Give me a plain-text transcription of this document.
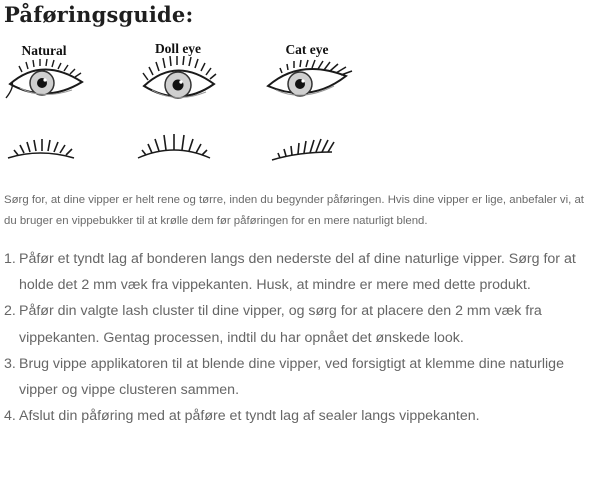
Påføringsguide:
Natural	Doll eye	Cat eye
Sørg for, at dine vipper er helt rene og tørre, inden du begynder påføringen. Hvis dine vipper er lige, anbefaler vi, at du bruger en vippebukker til at krølle dem før påføringen for en mere naturligt blend.
1. Påfør et tyndt lag af bonderen langs den nederste del af dine naturlige vipper. Sørg for at holde det 2 mm væk fra vippekanten. Husk, at mindre er mere med dette produkt.
2. Påfør din valgte lash cluster til dine vipper, og sørg for at placere den 2 mm væk fra vippekanten. Gentag processen, indtil du har opnået det ønskede look.
3. Brug vippe applikatoren til at blende dine vipper, ved forsigtigt at klemme dine naturlige vipper og vippe clusteren sammen.
4. Afslut din påføring med at påføre et tyndt lag af sealer langs vippekanten.
